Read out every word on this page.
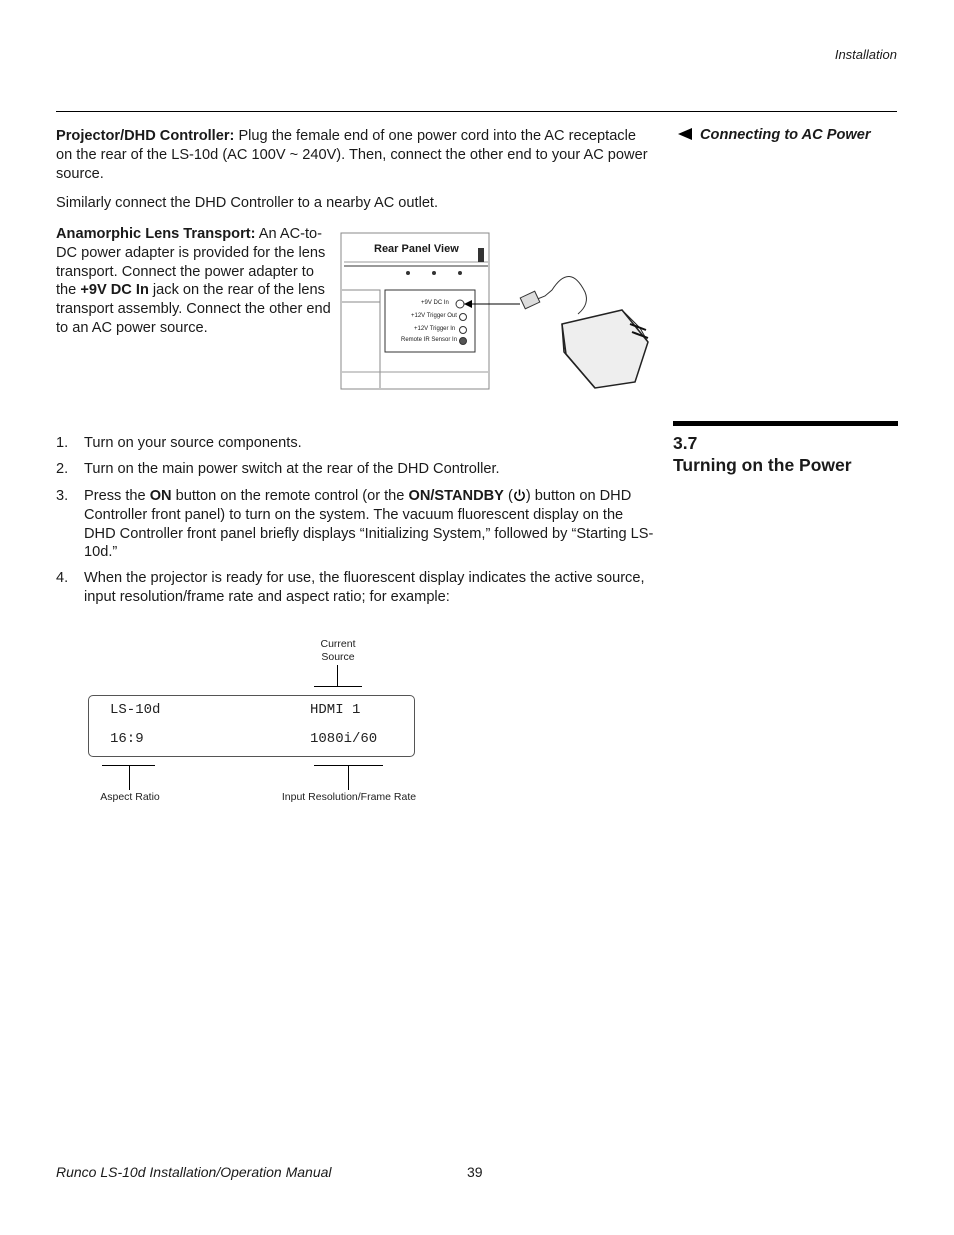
Installation
Connecting to AC Power
Projector/DHD Controller: Plug the female end of one power cord into the AC receptacle on the rear of the LS-10d (AC 100V ~ 240V). Then, connect the other end to your AC power source.
Similarly connect the DHD Controller to a nearby AC outlet.
Anamorphic Lens Transport: An AC-to-DC power adapter is provided for the lens transport. Connect the power adapter to the +9V DC In jack on the rear of the lens transport assembly. Connect the other end to an AC power source.
Rear Panel View
+9V DC In
+12V Trigger Out
+12V Trigger In
Remote IR Sensor In
3.7
Turning on the Power
1. Turn on your source components.
2. Turn on the main power switch at the rear of the DHD Controller.
3. Press the ON button on the remote control (or the ON/STANDBY ( ) button on DHD Controller front panel) to turn on the system. The vacuum fluorescent display on the DHD Controller front panel briefly displays “Initializing System,” followed by “Starting LS-10d.”
4. When the projector is ready for use, the fluorescent display indicates the active source, input resolution/frame rate and aspect ratio; for example:
Current
Source
LS-10d	HDMI 1
16:9	1080i/60
Aspect Ratio	Input Resolution/Frame Rate
Runco LS-10d Installation/Operation Manual	39
